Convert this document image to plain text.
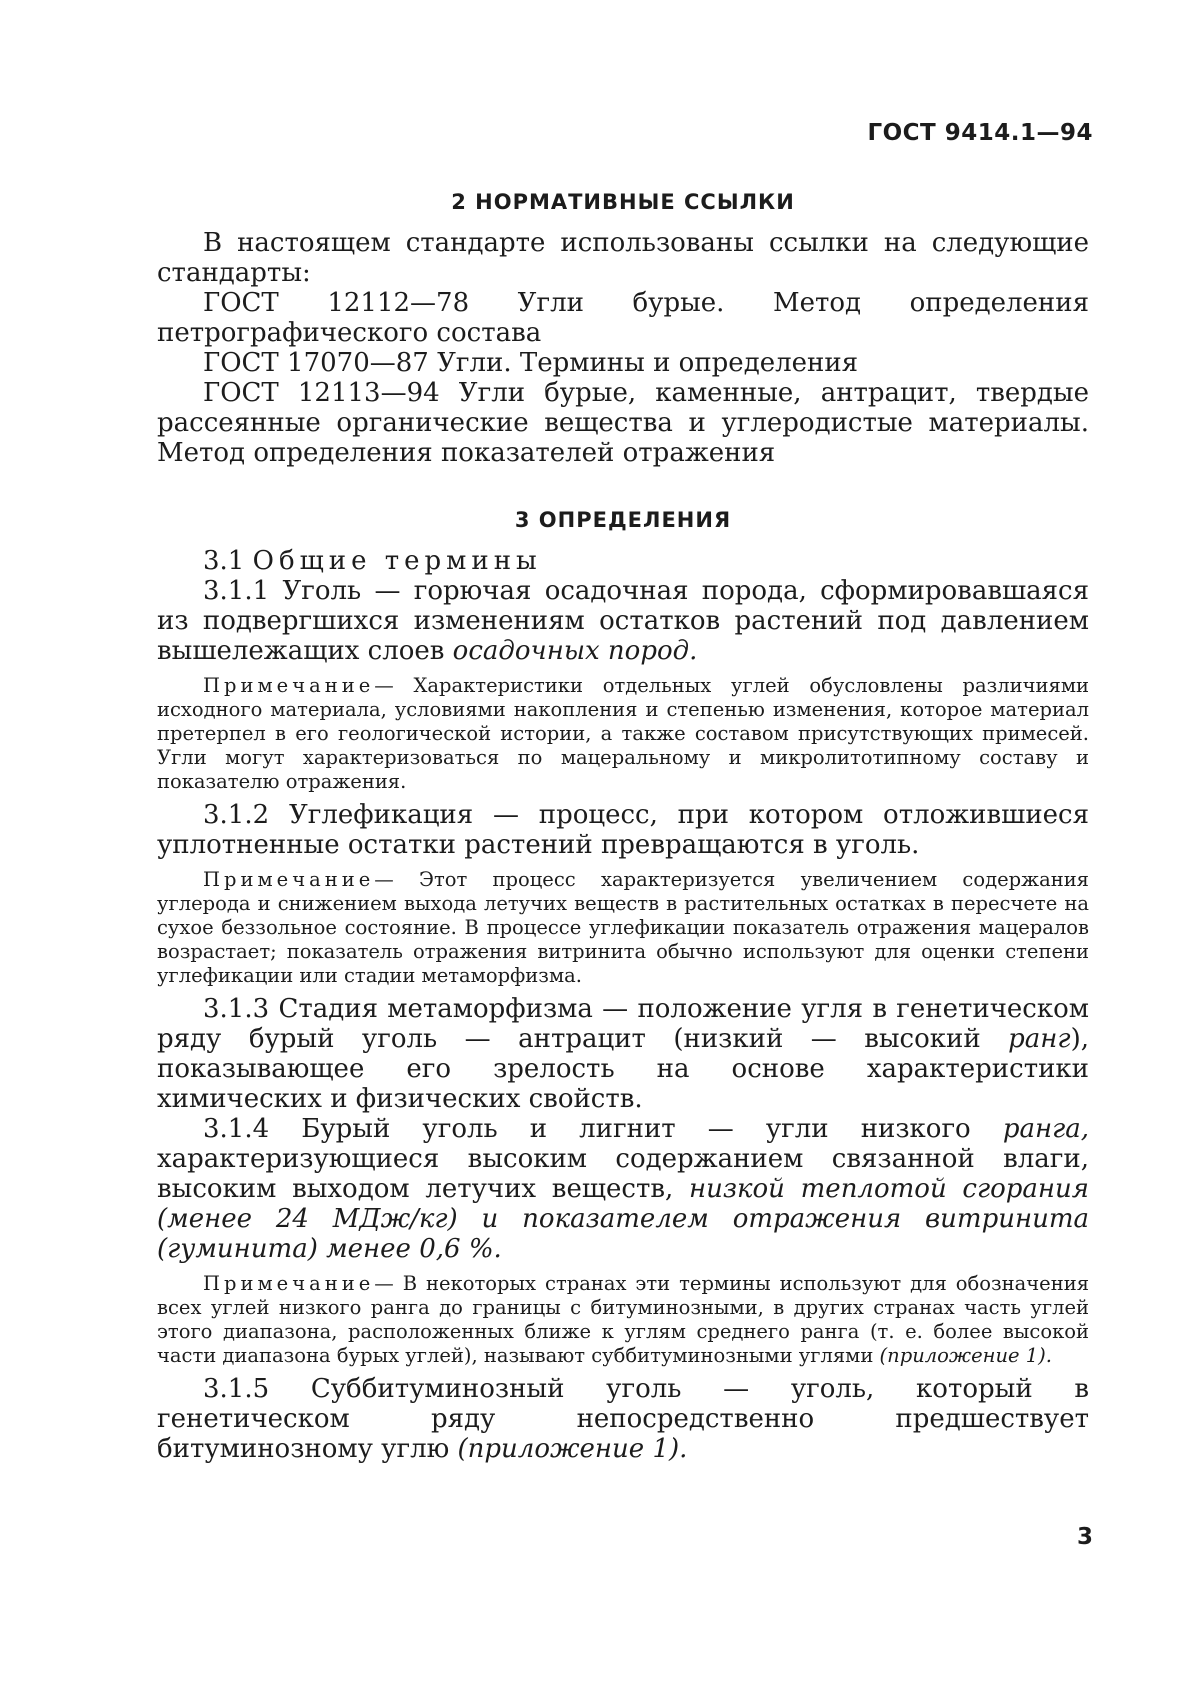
ГОСТ 9414.1—94
2 НОРМАТИВНЫЕ ССЫЛКИ

В настоящем стандарте использованы ссылки на следующие стандарты:

ГОСТ 12112—78 Угли бурые. Метод определения петрографического состава

ГОСТ 17070—87 Угли. Термины и определения

ГОСТ 12113—94 Угли бурые, каменные, антрацит, твердые рассеянные органические вещества и углеродистые материалы. Метод определения показателей отражения

3 ОПРЕДЕЛЕНИЯ

3.1 Общие термины

3.1.1 Уголь — горючая осадочная порода, сформировавшаяся из подвергшихся изменениям остатков растений под давлением вышележащих слоев осадочных пород.

Примечание— Характеристики отдельных углей обусловлены различиями исходного материала, условиями накопления и степенью изменения, которое материал претерпел в его геологической истории, а также составом присутствующих примесей. Угли могут характеризоваться по мацеральному и микролитотипному составу и показателю отражения.

3.1.2 Углефикация — процесс, при котором отложившиеся уплотненные остатки растений превращаются в уголь.

Примечание— Этот процесс характеризуется увеличением содержания углерода и снижением выхода летучих веществ в растительных остатках в пересчете на сухое беззольное состояние. В процессе углефикации показатель отражения мацералов возрастает; показатель отражения витринита обычно используют для оценки степени углефикации или стадии метаморфизма.

3.1.3 Стадия метаморфизма — положение угля в генетическом ряду бурый уголь — антрацит (низкий — высокий ранг), показывающее его зрелость на основе характеристики химических и физических свойств.

3.1.4 Бурый уголь и лигнит — угли низкого ранга, характеризующиеся высоким содержанием связанной влаги, высоким выходом летучих веществ, низкой теплотой сгорания (менее 24 МДж/кг) и показателем отражения витринита (гуминита) менее 0,6 %.

Примечание— В некоторых странах эти термины используют для обозначения всех углей низкого ранга до границы с битуминозными, в других странах часть углей этого диапазона, расположенных ближе к углям среднего ранга (т. е. более высокой части диапазона бурых углей), называют суббитуминозными углями (приложение 1).

3.1.5 Суббитуминозный уголь — уголь, который в генетическом ряду непосредственно предшествует битуминозному углю (приложение 1).

3
